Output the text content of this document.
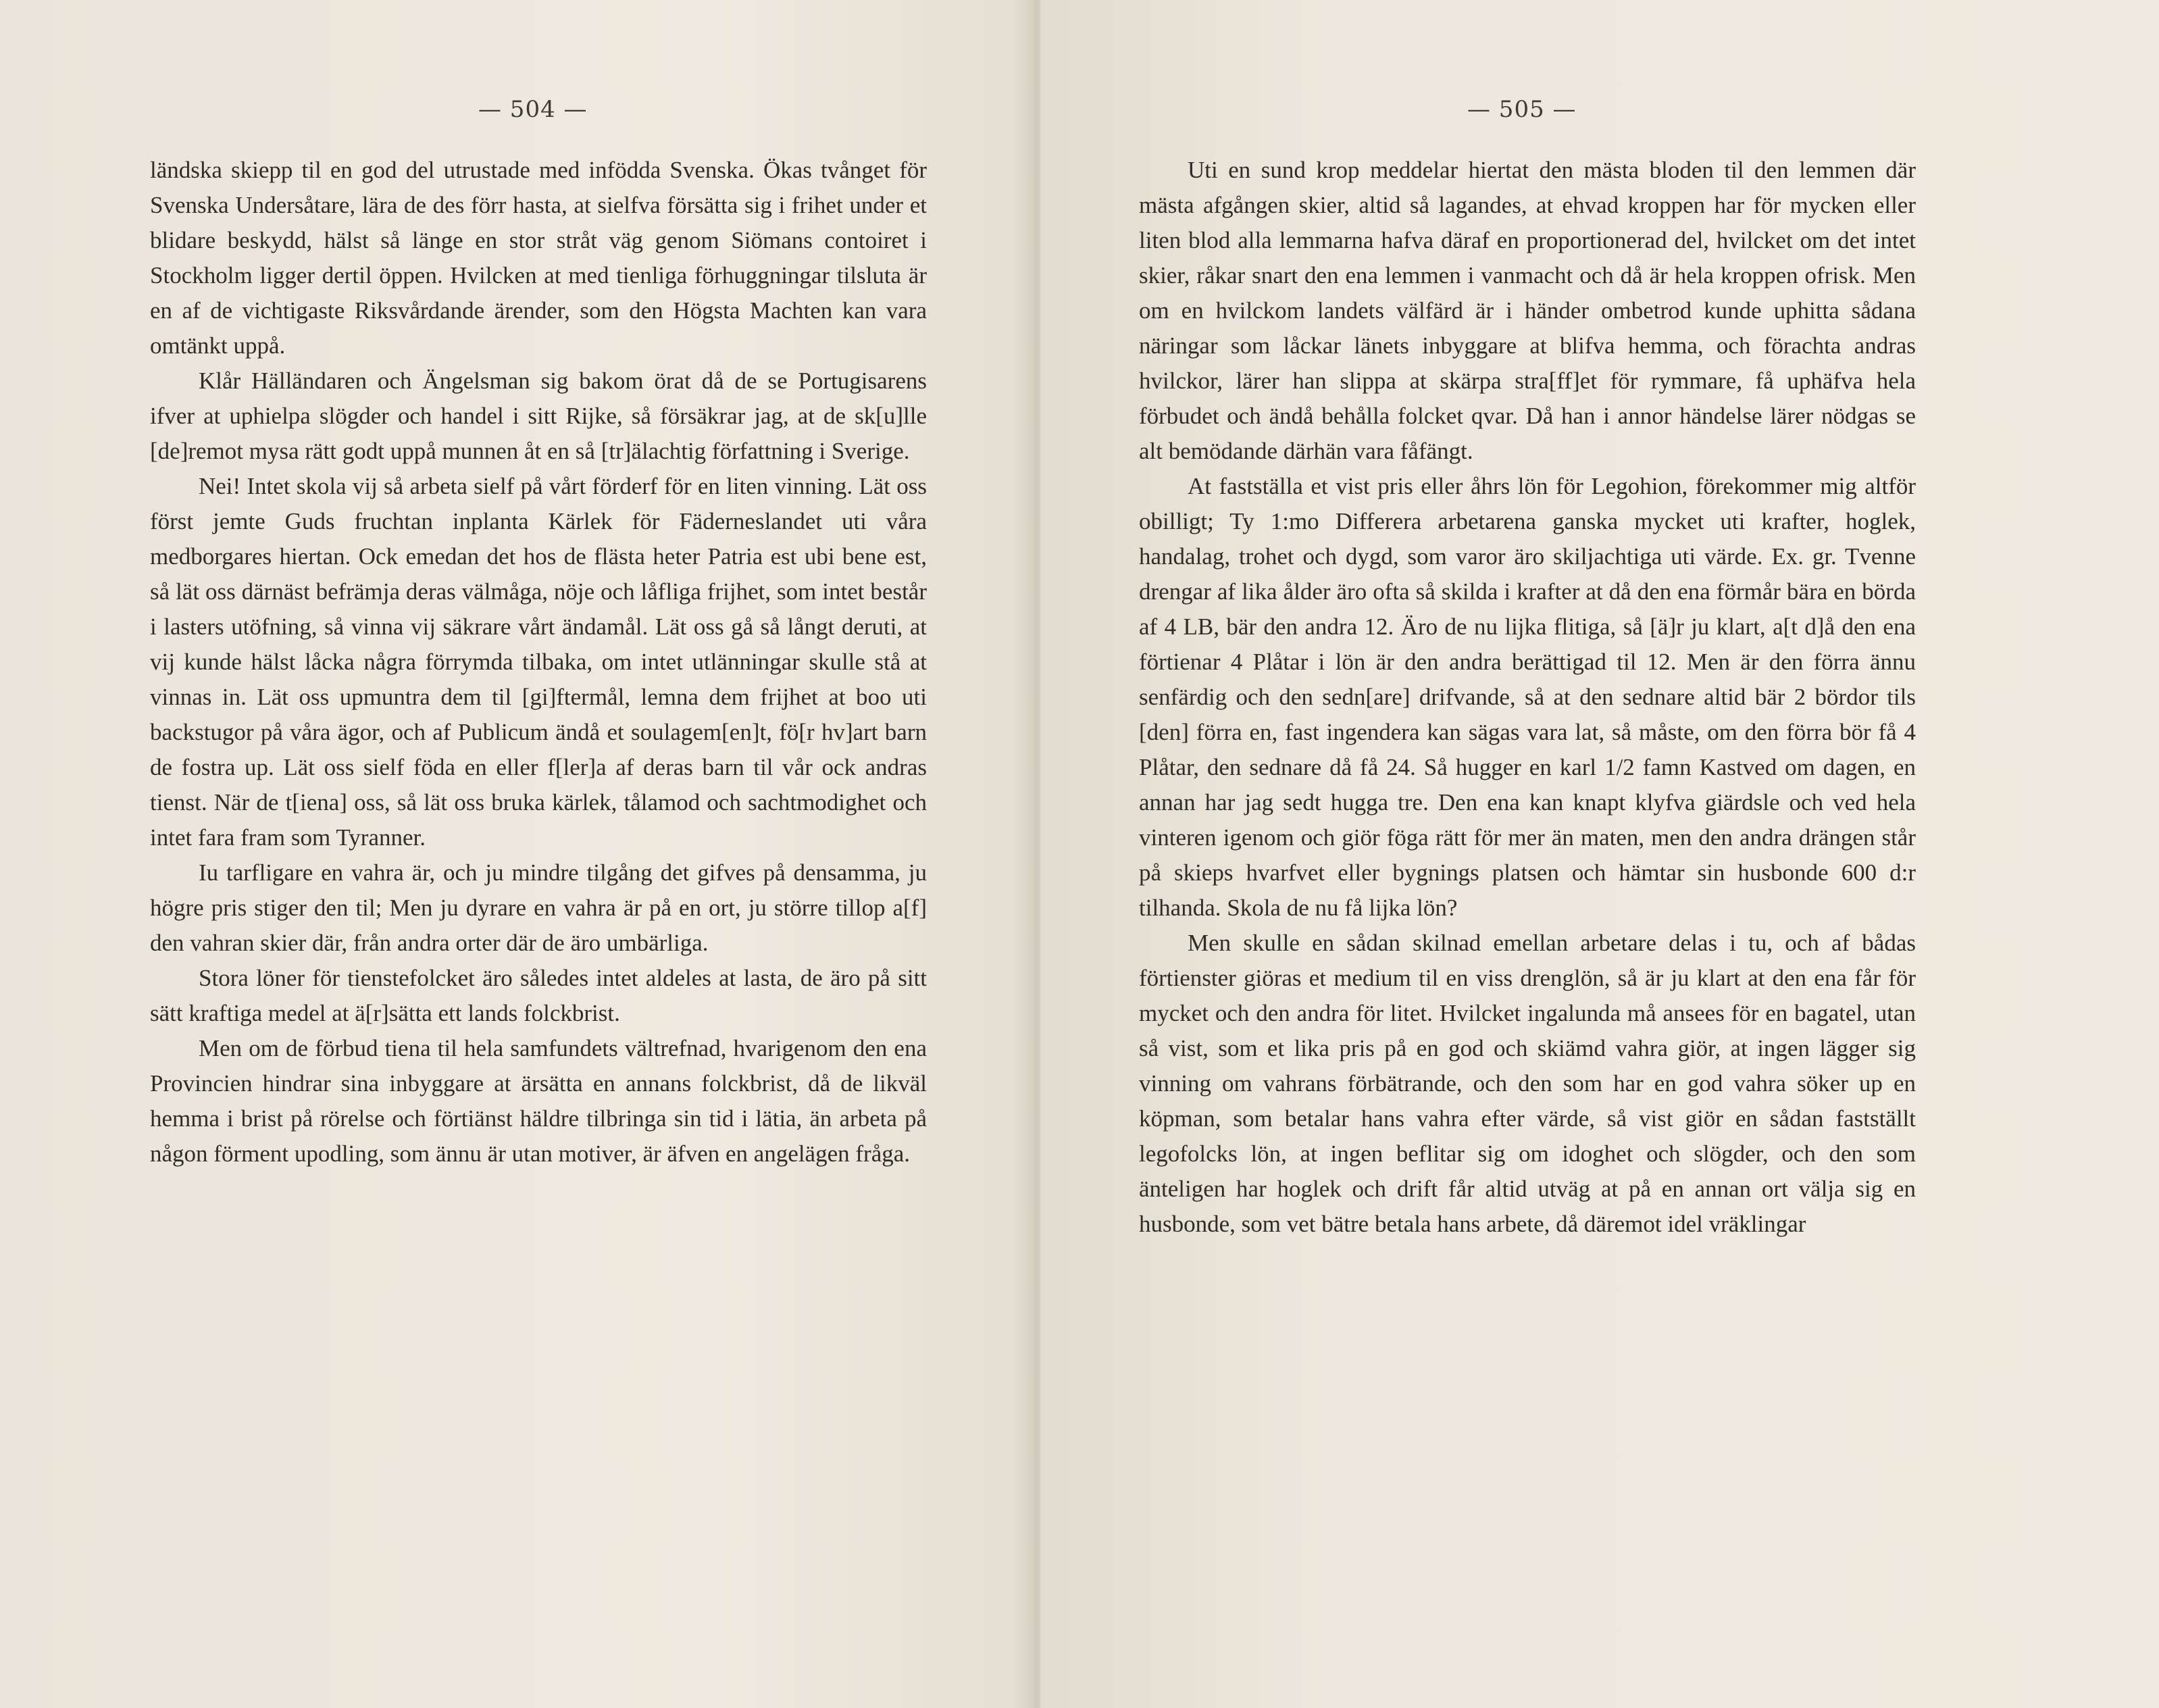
— 504 —

ländska skiepp til en god del utrustade med infödda Svenska. Ökas tvånget för Svenska Undersåtare, lära de des förr hasta, at sielfva försätta sig i frihet under et blidare beskydd, hälst så länge en stor stråt väg genom Siömans contoiret i Stockholm ligger dertil öppen. Hvilcken at med tienliga förhuggningar tilsluta är en af de vichtigaste Riksvårdande ärender, som den Högsta Machten kan vara omtänkt uppå.

Klår Hälländaren och Ängelsman sig bakom örat då de se Portugisarens ifver at uphielpa slögder och handel i sitt Rijke, så försäkrar jag, at de sk[u]lle [de]remot mysa rätt godt uppå munnen åt en så [tr]älachtig författning i Sverige.

Nei! Intet skola vij så arbeta sielf på vårt förderf för en liten vinning. Lät oss först jemte Guds fruchtan inplanta Kärlek för Fäderneslandet uti våra medborgares hiertan. Ock emedan det hos de flästa heter Patria est ubi bene est, så lät oss därnäst befrämja deras välmåga, nöje och låfliga frijhet, som intet består i lasters utöfning, så vinna vij säkrare vårt ändamål. Lät oss gå så långt deruti, at vij kunde hälst låcka några förrymda tilbaka, om intet utlänningar skulle stå at vinnas in. Lät oss upmuntra dem til [gi]ftermål, lemna dem frijhet at boo uti backstugor på våra ägor, och af Publicum ändå et soulagem[en]t, fö[r hv]art barn de fostra up. Lät oss sielf föda en eller f[ler]a af deras barn til vår ock andras tienst. När de t[iena] oss, så lät oss bruka kärlek, tålamod och sachtmodighet och intet fara fram som Tyranner.

Iu tarfligare en vahra är, och ju mindre tilgång det gifves på densamma, ju högre pris stiger den til; Men ju dyrare en vahra är på en ort, ju större tillop a[f] den vahran skier där, från andra orter där de äro umbärliga.

Stora löner för tienstefolcket äro således intet aldeles at lasta, de äro på sitt sätt kraftiga medel at ä[r]sätta ett lands folckbrist.

Men om de förbud tiena til hela samfundets vältrefnad, hvarigenom den ena Provincien hindrar sina inbyggare at ärsätta en annans folckbrist, då de likväl hemma i brist på rörelse och förtiänst häldre tilbringa sin tid i lätia, än arbeta på någon förment upodling, som ännu är utan motiver, är äfven en angelägen fråga.

— 505 —

Uti en sund krop meddelar hiertat den mästa bloden til den lemmen där mästa afgången skier, altid så lagandes, at ehvad kroppen har för mycken eller liten blod alla lemmarna hafva däraf en proportionerad del, hvilcket om det intet skier, råkar snart den ena lemmen i vanmacht och då är hela kroppen ofrisk. Men om en hvilckom landets välfärd är i händer ombetrod kunde uphitta sådana näringar som låckar länets inbyggare at blifva hemma, och förachta andras hvilckor, lärer han slippa at skärpa stra[ff]et för rymmare, få uphäfva hela förbudet och ändå behålla folcket qvar. Då han i annor händelse lärer nödgas se alt bemödande därhän vara fåfängt.

At fastställa et vist pris eller åhrs lön för Legohion, förekommer mig altför obilligt; Ty 1:mo Differera arbetarena ganska mycket uti krafter, hoglek, handalag, trohet och dygd, som varor äro skiljachtiga uti värde. Ex. gr. Tvenne drengar af lika ålder äro ofta så skilda i krafter at då den ena förmår bära en börda af 4 LB, bär den andra 12. Äro de nu lijka flitiga, så [ä]r ju klart, a[t d]å den ena förtienar 4 Plåtar i lön är den andra berättigad til 12. Men är den förra ännu senfärdig och den sedn[are] drifvande, så at den sednare altid bär 2 bördor tils [den] förra en, fast ingendera kan sägas vara lat, så måste, om den förra bör få 4 Plåtar, den sednare då få 24. Så hugger en karl 1/2 famn Kastved om dagen, en annan har jag sedt hugga tre. Den ena kan knapt klyfva giärdsle och ved hela vinteren igenom och giör föga rätt för mer än maten, men den andra drängen står på skieps hvarfvet eller bygnings platsen och hämtar sin husbonde 600 d:r tilhanda. Skola de nu få lijka lön?

Men skulle en sådan skilnad emellan arbetare delas i tu, och af bådas förtienster giöras et medium til en viss drenglön, så är ju klart at den ena får för mycket och den andra för litet. Hvilcket ingalunda må ansees för en bagatel, utan så vist, som et lika pris på en god och skiämd vahra giör, at ingen lägger sig vinning om vahrans förbätrande, och den som har en god vahra söker up en köpman, som betalar hans vahra efter värde, så vist giör en sådan fastställt legofolcks lön, at ingen beflitar sig om idoghet och slögder, och den som änteligen har hoglek och drift får altid utväg at på en annan ort välja sig en husbonde, som vet bätre betala hans arbete, då däremot idel vräklingar
